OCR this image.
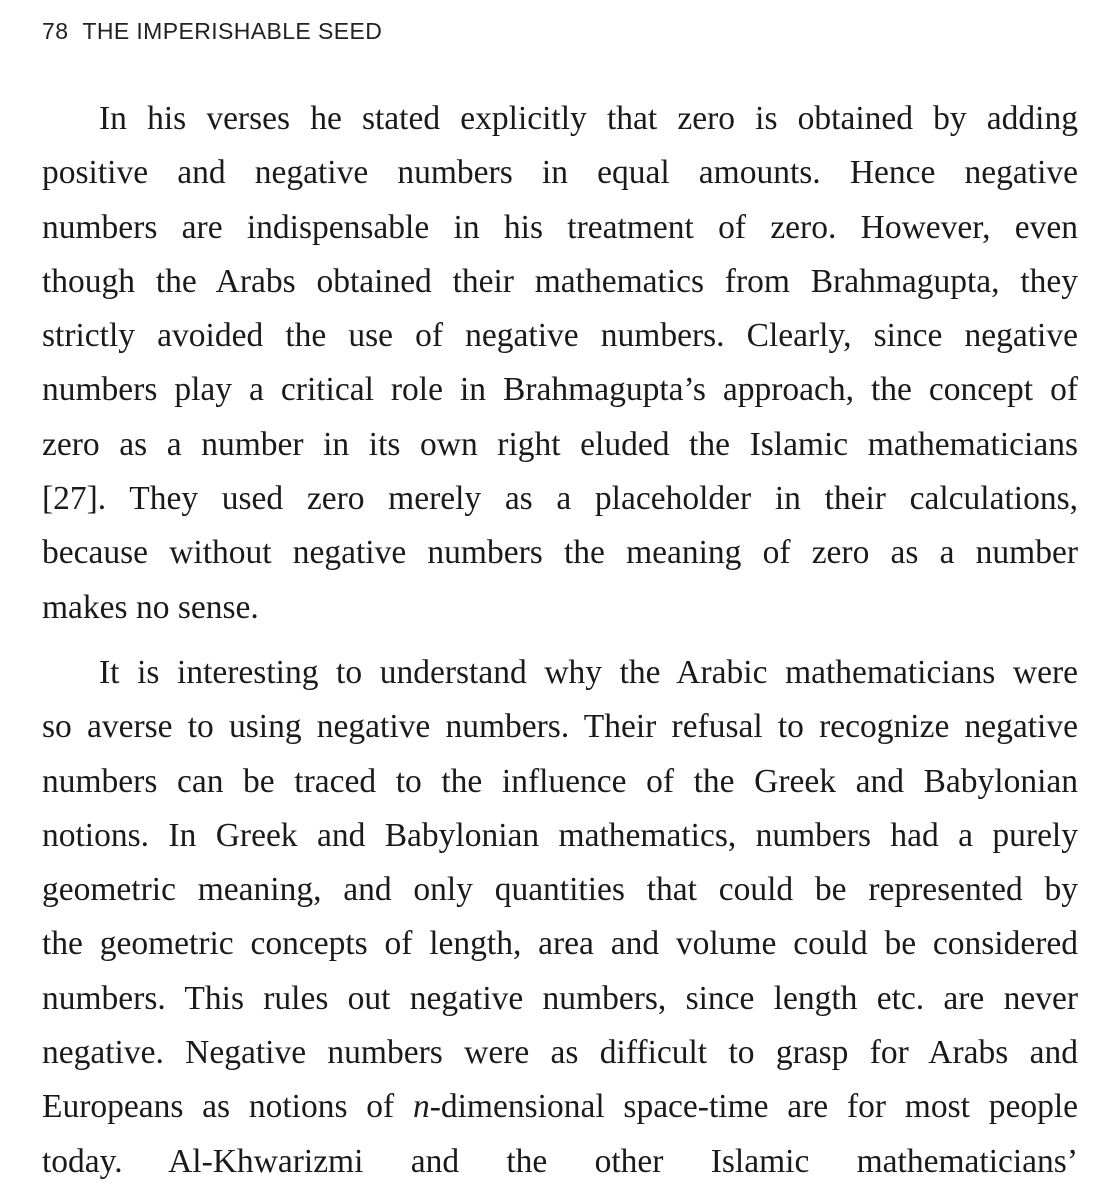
78 THE IMPERISHABLE SEED
In his verses he stated explicitly that zero is obtained by adding
positive and negative numbers in equal amounts. Hence negative
numbers are indispensable in his treatment of zero. However, even
though the Arabs obtained their mathematics from Brahmagupta, they
strictly avoided the use of negative numbers. Clearly, since negative
numbers play a critical role in Brahmagupta’s approach, the concept of
zero as a number in its own right eluded the Islamic mathematicians
[27]. They used zero merely as a placeholder in their calculations,
because without negative numbers the meaning of zero as a number
makes no sense.
It is interesting to understand why the Arabic mathematicians were
so averse to using negative numbers. Their refusal to recognize negative
numbers can be traced to the influence of the Greek and Babylonian
notions. In Greek and Babylonian mathematics, numbers had a purely
geometric meaning, and only quantities that could be represented by
the geometric concepts of length, area and volume could be considered
numbers. This rules out negative numbers, since length etc. are never
negative. Negative numbers were as difficult to grasp for Arabs and
Europeans as notions of n-dimensional space-time are for most people
today. Al-Khwarizmi and the other Islamic mathematicians’
